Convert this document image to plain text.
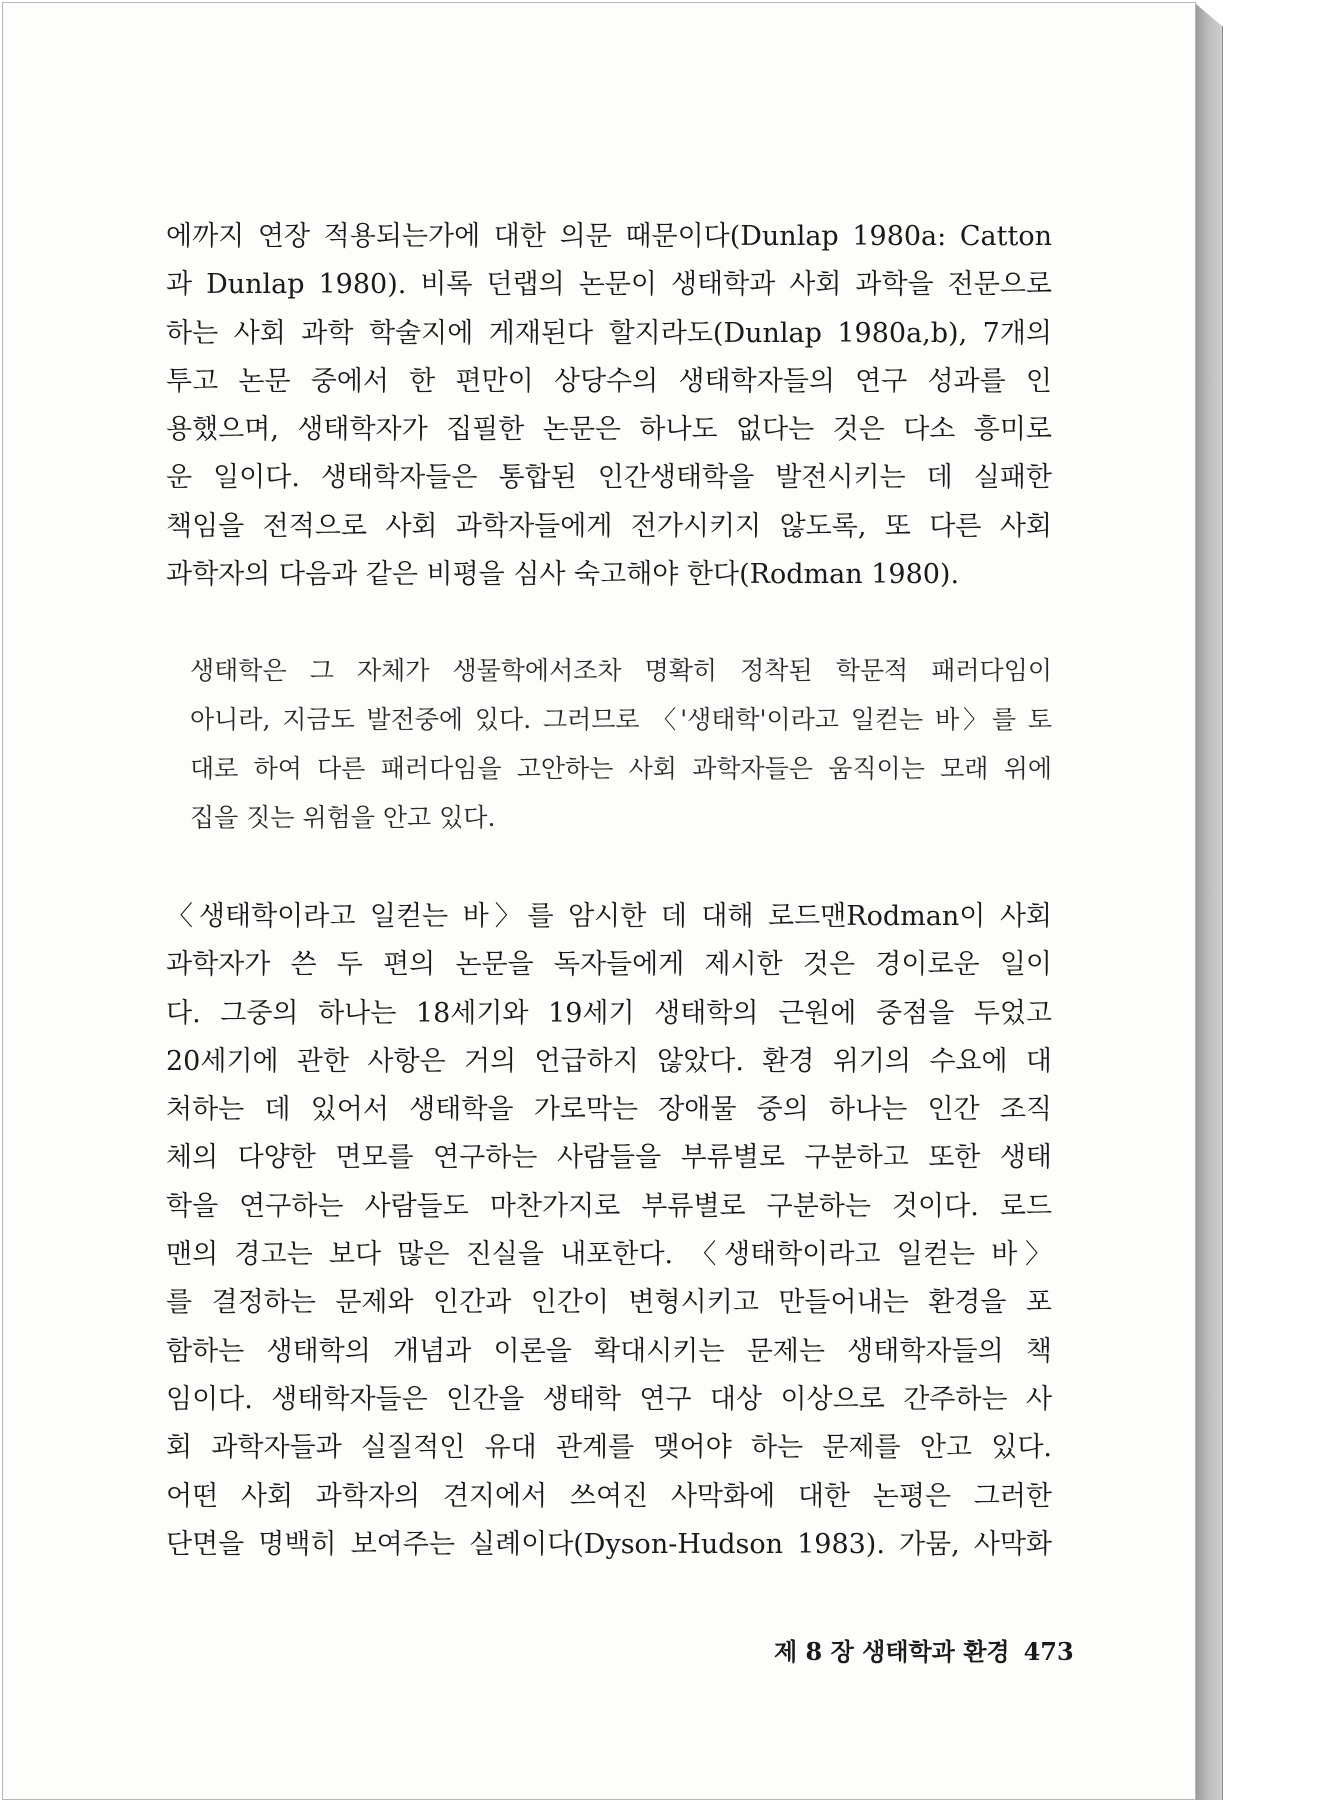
에까지 연장 적용되는가에 대한 의문 때문이다(Dunlap 1980a: Catton
과 Dunlap 1980). 비록 던랩의 논문이 생태학과 사회 과학을 전문으로
하는 사회 과학 학술지에 게재된다 할지라도(Dunlap 1980a,b), 7개의
투고 논문 중에서 한 편만이 상당수의 생태학자들의 연구 성과를 인
용했으며, 생태학자가 집필한 논문은 하나도 없다는 것은 다소 흥미로
운 일이다. 생태학자들은 통합된 인간생태학을 발전시키는 데 실패한
책임을 전적으로 사회 과학자들에게 전가시키지 않도록, 또 다른 사회
과학자의 다음과 같은 비평을 심사 숙고해야 한다(Rodman 1980).
생태학은 그 자체가 생물학에서조차 명확히 정착된 학문적 패러다임이
아니라, 지금도 발전중에 있다. 그러므로 〈'생태학'이라고 일컫는 바〉를 토
대로 하여 다른 패러다임을 고안하는 사회 과학자들은 움직이는 모래 위에
집을 짓는 위험을 안고 있다.
〈생태학이라고 일컫는 바〉를 암시한 데 대해 로드맨Rodman이 사회
과학자가 쓴 두 편의 논문을 독자들에게 제시한 것은 경이로운 일이
다. 그중의 하나는 18세기와 19세기 생태학의 근원에 중점을 두었고
20세기에 관한 사항은 거의 언급하지 않았다. 환경 위기의 수요에 대
처하는 데 있어서 생태학을 가로막는 장애물 중의 하나는 인간 조직
체의 다양한 면모를 연구하는 사람들을 부류별로 구분하고 또한 생태
학을 연구하는 사람들도 마찬가지로 부류별로 구분하는 것이다. 로드
맨의 경고는 보다 많은 진실을 내포한다. 〈생태학이라고 일컫는 바〉
를 결정하는 문제와 인간과 인간이 변형시키고 만들어내는 환경을 포
함하는 생태학의 개념과 이론을 확대시키는 문제는 생태학자들의 책
임이다. 생태학자들은 인간을 생태학 연구 대상 이상으로 간주하는 사
회 과학자들과 실질적인 유대 관계를 맺어야 하는 문제를 안고 있다.
어떤 사회 과학자의 견지에서 쓰여진 사막화에 대한 논평은 그러한
단면을 명백히 보여주는 실례이다(Dyson-Hudson 1983). 가뭄, 사막화
제 8 장 생태학과 환경 473
